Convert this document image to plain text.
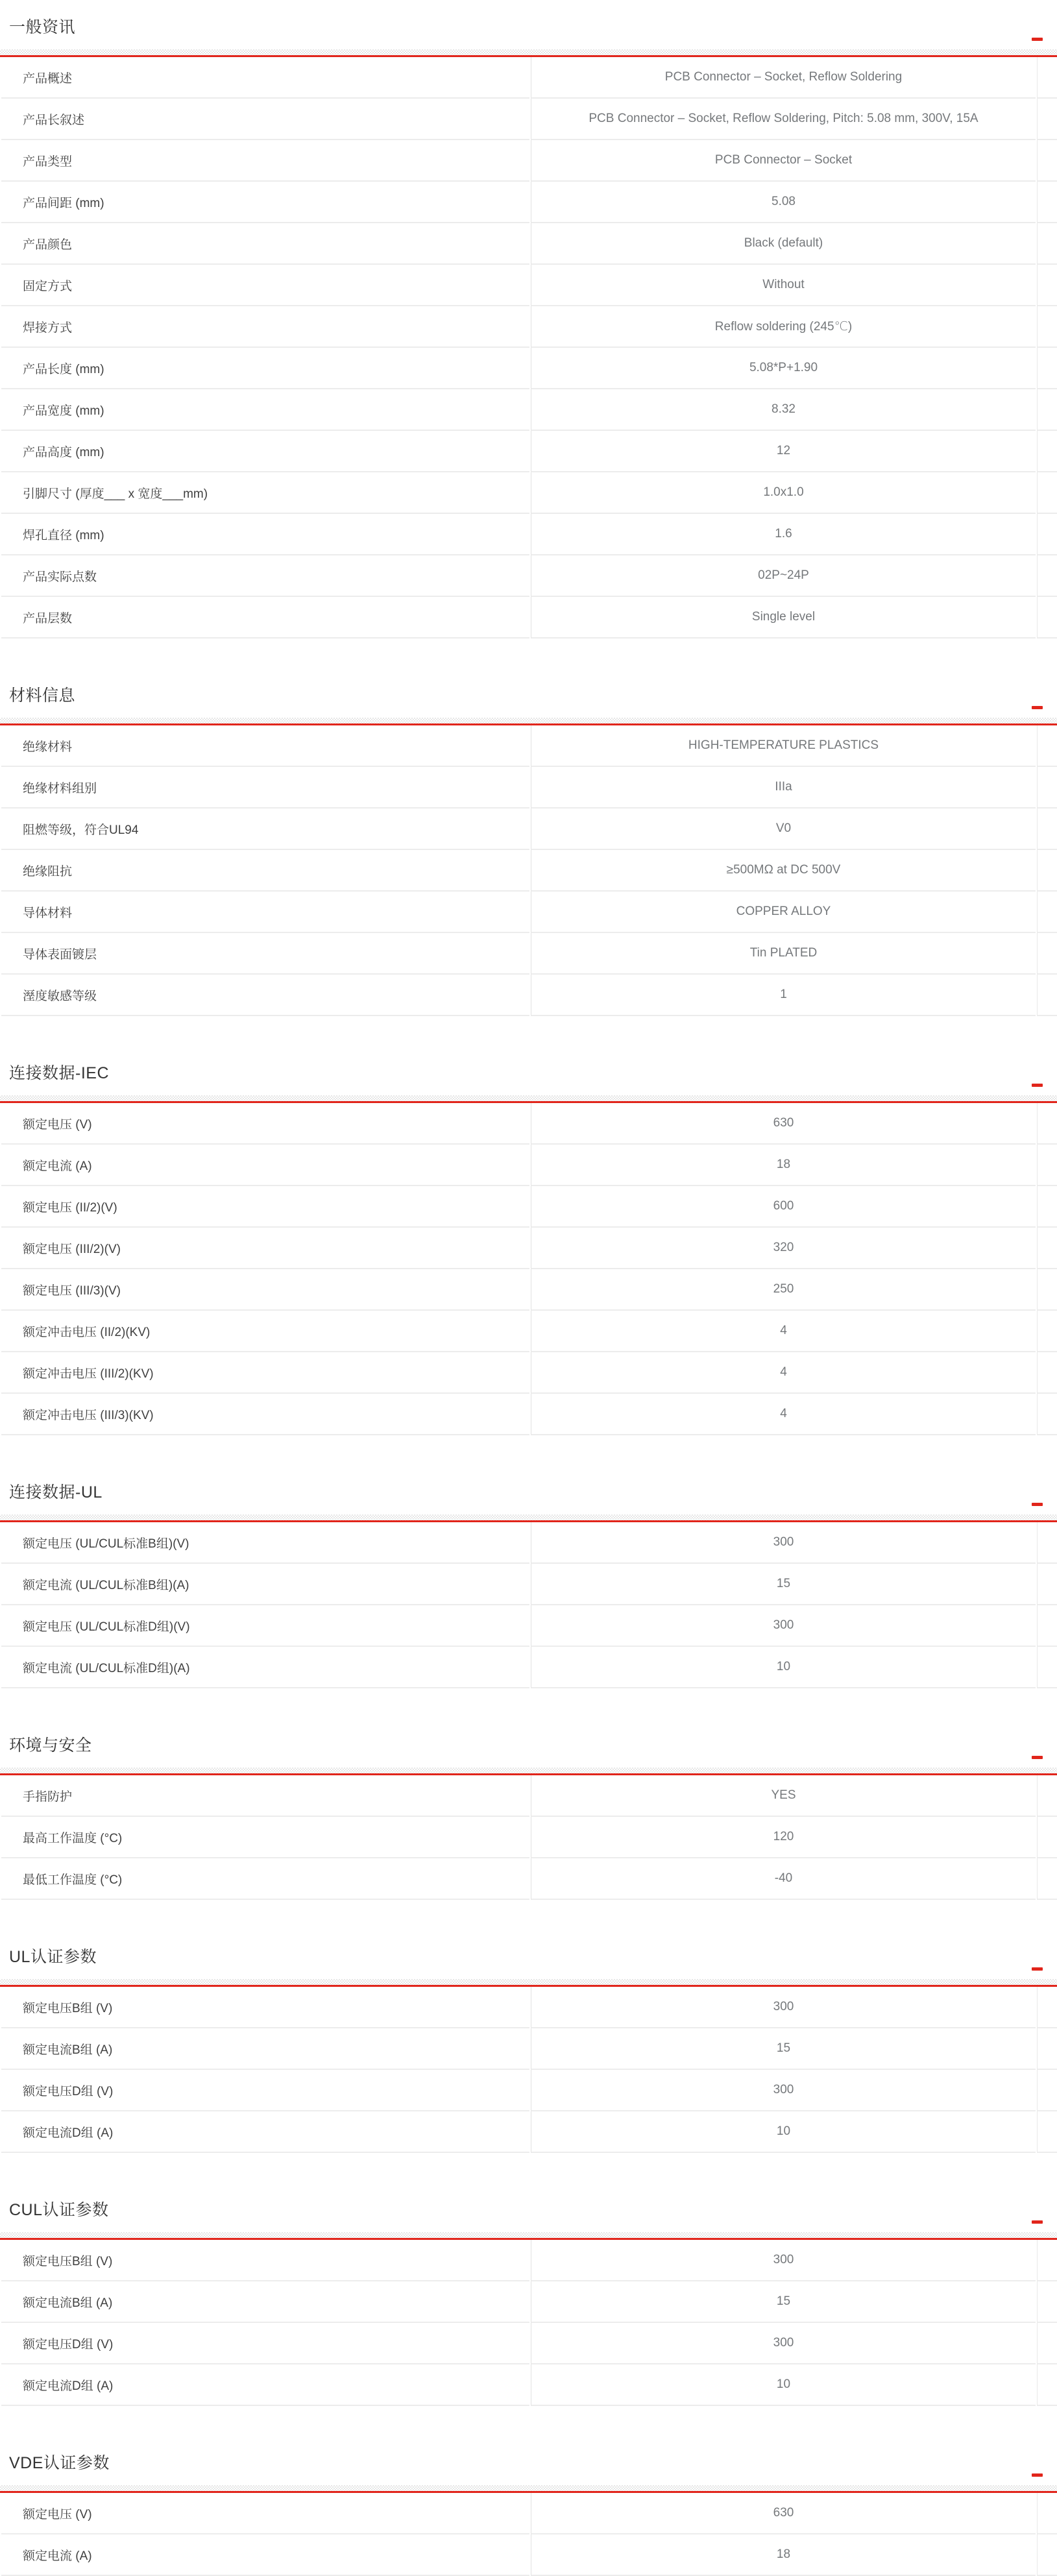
一般资讯
产品概述	PCB Connector – Socket, Reflow Soldering	
产品长叙述	PCB Connector – Socket, Reflow Soldering, Pitch: 5.08 mm, 300V, 15A	
产品类型	PCB Connector – Socket	
产品间距 (mm)	5.08	
产品颜色	Black (default)	
固定方式	Without	
焊接方式	Reflow soldering (245℃)	
产品长度 (mm)	5.08*P+1.90	
产品宽度 (mm)	8.32	
产品高度 (mm)	12	
引脚尺寸 (厚度___ x 宽度___mm)	1.0x1.0	
焊孔直径 (mm)	1.6	
产品实际点数	02P~24P	
产品层数	Single level	
材料信息
绝缘材料	HIGH-TEMPERATURE PLASTICS	
绝缘材料组别	IIIa	
阻燃等级，符合UL94	V0	
绝缘阻抗	≥500MΩ at DC 500V	
导体材料	COPPER ALLOY	
导体表面镀层	Tin PLATED	
溼度敏感等级	1	
连接数据-IEC
额定电压 (V)	630	
额定电流 (A)	18	
额定电压 (II/2)(V)	600	
额定电压 (III/2)(V)	320	
额定电压 (III/3)(V)	250	
额定冲击电压 (II/2)(KV)	4	
额定冲击电压 (III/2)(KV)	4	
额定冲击电压 (III/3)(KV)	4	
连接数据-UL
额定电压 (UL/CUL标准B组)(V)	300	
额定电流 (UL/CUL标准B组)(A)	15	
额定电压 (UL/CUL标准D组)(V)	300	
额定电流 (UL/CUL标准D组)(A)	10	
环境与安全
手指防护	YES	
最高工作温度 (°C)	120	
最低工作温度 (°C)	-40	
UL认证参数
额定电压B组 (V)	300	
额定电流B组 (A)	15	
额定电压D组 (V)	300	
额定电流D组 (A)	10	
CUL认证参数
额定电压B组 (V)	300	
额定电流B组 (A)	15	
额定电压D组 (V)	300	
额定电流D组 (A)	10	
VDE认证参数
额定电压 (V)	630	
额定电流 (A)	18	
